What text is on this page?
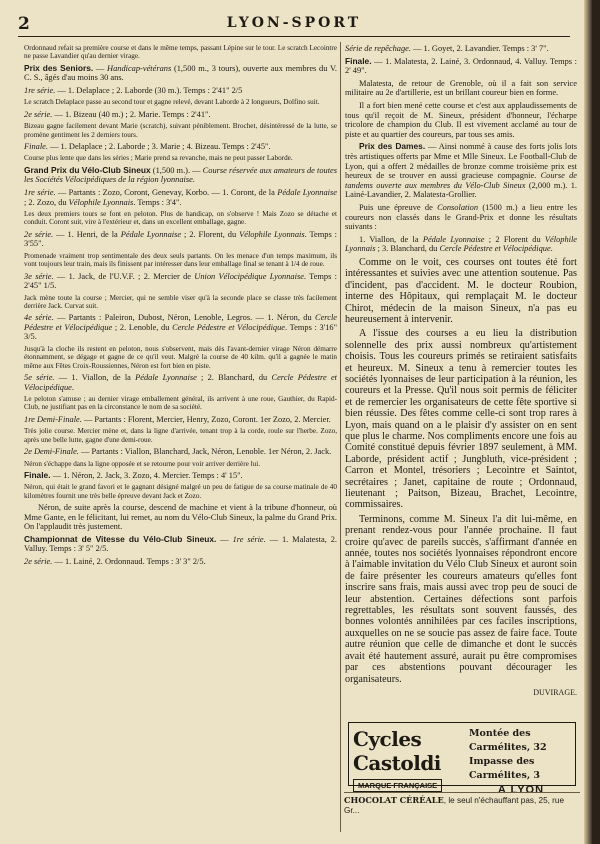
2	LYON-SPORT

Ordonnaud refait sa première course et dans le même temps, passant Lépine sur le tour. Le scratch Lecointre ne passe Lavandier qu'au dernier virage.

Prix des Seniors. — Handicap-vétérans (1,500 m., 3 tours), ouverte aux membres du V. C. S., âgés d'au moins 30 ans.

1re série. — 1. Delaplace ; 2. Laborde (30 m.). Temps : 2'41" 2/5

Le scratch Delaplace passe au second tour et gagne relevé, devant Laborde à 2 longueurs, Dolfino suit.

2e série. — 1. Bizeau (40 m.) ; 2. Marie. Temps : 2'41".

Bizeau gagne facilement devant Marie (scratch), suivant péniblement. Brochet, désintéressé de la lutte, se promène gentiment les 2 derniers tours.

Finale. — 1. Delaplace ; 2. Laborde ; 3. Marie ; 4. Bizeau. Temps : 2'45".

Course plus lente que dans les séries ; Marie prend sa revanche, mais ne peut passer Laborde.

Grand Prix du Vélo-Club Sineux (1,500 m.). — Course réservée aux amateurs de toutes les Sociétés Vélocipédiques de la région lyonnaise.

1re série. — Partants : Zozo, Coront, Genevay, Korbo. — 1. Coront, de la Pédale Lyonnaise ; 2. Zozo, du Vélophile Lyonnais. Temps : 3'4".

Les deux premiers tours se font en peloton. Plus de handicap, on s'observe ! Mais Zozo se détache et conduit. Coront suit, vire à l'extérieur et, dans un excellent emballage, gagne.

2e série. — 1. Henri, de la Pédale Lyonnaise ; 2. Florent, du Vélophile Lyonnais. Temps : 3'55".

Promenade vraiment trop sentimentale des deux seuls partants. On les menace d'un temps maximum, ils vont toujours leur train, mais ils finissent par intéresser dans leur emballage final se tenant à 1/4 de roue.

3e série. — 1. Jack, de l'U.V.F. ; 2. Mercier de Union Vélocipédique Lyonnaise. Temps : 2'45" 1/5.

Jack mène toute la course ; Mercier, qui ne semble viser qu'à la seconde place se classe très facilement derrière Jack. Curvat suit.

4e série. — Partants : Paleiron, Dubost, Néron, Lenoble, Legros. — 1. Néron, du Cercle Pédestre et Vélocipédique ; 2. Lenoble, du Cercle Pédestre et Vélocipédique. Temps : 3'16" 3/5.

Jusqu'à la cloche ils restent en peloton, nous s'observent, mais dès l'avant-dernier virage Néron démarre étonnamment, se dégage et gagne de ce qu'il veut. Malgré la course de 40 kilm. qu'il a gagnée le matin même aux Fêtes Croix-Roussiennes, Néron est fort bien en piste.

5e série. — 1. Viallon, de la Pédale Lyonnaise ; 2. Blanchard, du Cercle Pédestre et Vélocipédique.

Le peloton s'amuse ; au dernier virage emballement général, ils arrivent à une roue, Gauthier, du Rapid-Club, ne justifiant pas en la circonstance le nom de sa société.

1re Demi-Finale. — Partants : Florent, Mercier, Henry, Zozo, Coront. 1er Zozo, 2. Mercier.

Très jolie course. Mercier mène et, dans la ligne d'arrivée, tenant trop à la corde, roule sur l'herbe. Zozo, après une belle lutte, gagne d'une demi-roue.

2e Demi-Finale. — Partants : Viallon, Blanchard, Jack, Néron, Lenoble. 1er Néron, 2. Jack.

Néron s'échappe dans la ligne opposée et se retourne pour voir arriver derrière lui.

Finale. — 1. Néron, 2. Jack, 3. Zozo, 4. Mercier. Temps : 4' 15".

Néron, qui était le grand favori et le gagnant désigné malgré un peu de fatigue de sa course matinale de 40 kilomètres fournit une très belle épreuve devant Jack et Zozo.

Néron, de suite après la course, descend de machine et vient à la tribune d'honneur, où Mme Gante, en le félicitant, lui remet, au nom du Vélo-Club Sineux, la palme du Grand Prix. On l'applaudit très justement.

Championnat de Vitesse du Vélo-Club Sineux. — 1re série. — 1. Malatesta, 2. Valluy. Temps : 3' 5" 2/5.

2e série. — 1. Lainé, 2. Ordonnaud. Temps : 3' 3" 2/5.

Série de repêchage. — 1. Goyet, 2. Lavandier. Temps : 3' 7".

Finale. — 1. Malatesta, 2. Lainé, 3. Ordonnaud, 4. Valluy. Temps : 2' 49".

Malatesta, de retour de Grenoble, où il a fait son service militaire au 2e d'artillerie, est un brillant coureur bien en forme.

Il a fort bien mené cette course et c'est aux applaudissements de tous qu'il reçoit de M. Sineux, président d'honneur, l'écharpe tricolore de champion du Club. Il est vivement acclamé au tour de piste et au quartier des coureurs, par tous ses amis.

Prix des Dames. — Ainsi nommé à cause des forts jolis lots très artistiques offerts par Mme et Mlle Sineux. Le Football-Club de Lyon, qui a offert 2 médailles de bronze comme troisième prix est heureux de se trouver en aussi gracieuse compagnie. Course de tandems ouverte aux membres du Vélo-Club Sineux (2,000 m.). 1. Lainé-Lavandier, 2. Malatesta-Grollier.

Puis une épreuve de Consolation (1500 m.) a lieu entre les coureurs non classés dans le Grand-Prix et donne les résultats suivants :

1. Viallon, de la Pédale Lyonnaise ; 2 Florent du Vélophile Lyonnais ; 3. Blanchard, du Cercle Pédestre et Vélocipédique.

Comme on le voit, ces courses ont toutes été fort intéressantes et suivies avec une attention soutenue. Pas d'incident, pas d'accident. M. le docteur Roubion, interne des Hôpitaux, qui remplaçait M. le docteur Chirot, médecin de la maison Sineux, n'a pas eu heureusement à intervenir.

A l'issue des courses a eu lieu la distribution solennelle des prix aussi nombreux qu'artistement choisis. Tous les coureurs primés se retiraient satisfaits et heureux. M. Sineux a tenu à remercier toutes les sociétés lyonnaises de leur participation à la réunion, les coureurs et la Presse. Qu'il nous soit permis de féliciter et de remercier les organisateurs de cette fête sportive si bien réussie. Des fêtes comme celle-ci sont trop rares à Lyon, mais quand on a le plaisir d'y assister on en sent que plus le charme. Nos compliments encore une fois au Comité constitué depuis février 1897 seulement, à MM. Laborde, président actif ; Jungbluth, vice-président ; Carron et Montel, trésoriers ; Lecointre et Saintot, secrétaires ; Janet, capitaine de route ; Ordonnaud, lieutenant ; Paitson, Bizeau, Brachet, Lecointre, commissaires.

Terminons, comme M. Sineux l'a dit lui-même, en prenant rendez-vous pour l'année prochaine. Il faut croire qu'avec de pareils succès, s'affirmant d'année en année, toutes nos sociétés lyonnaises répondront encore à l'aimable invitation du Vélo Club Sineux et auront soin de faire présenter les coureurs amateurs qu'elles font inscrire sans frais, mais aussi avec trop peu de souci de leur abstention. Certaines défections sont parfois regrettables, les résultats sont souvent faussés, des bonnes volontés annihilées par ces faciles inscriptions, auxquelles on ne se soucie pas assez de faire face. Toute autre réunion que celle de dimanche et dont le succès avait été hautement assuré, aurait pu être compromises par ces abstentions pouvant décourager les organisateurs.

DUVIRAGE.
Cycles Castoldi
MARQUE FRANÇAISE
Montée des Carmélites, 32
Impasse des Carmélites, 3
A LYON
CHOCOLAT CÉRÉALE, le seul n'échauffant pas, 25, rue Gr...
